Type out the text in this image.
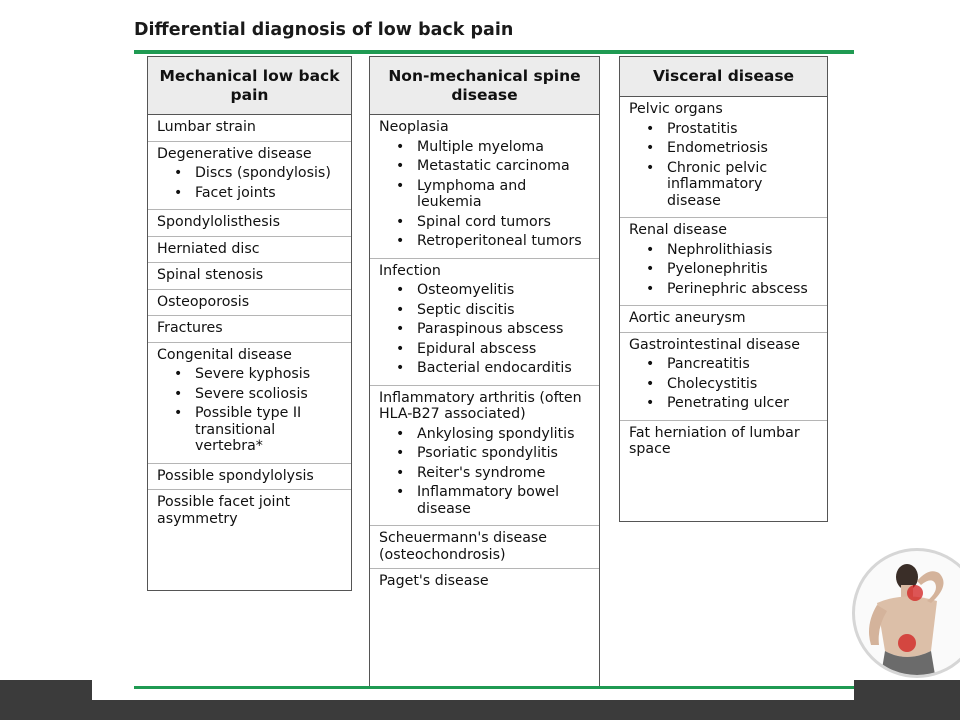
Differential diagnosis of low back pain
Mechanical low back pain
Lumbar strain
Degenerative disease
• Discs (spondylosis)
• Facet joints
Spondylolisthesis
Herniated disc
Spinal stenosis
Osteoporosis
Fractures
Congenital disease
• Severe kyphosis
• Severe scoliosis
• Possible type II transitional vertebra*
Possible spondylolysis
Possible facet joint asymmetry
Non-mechanical spine disease
Neoplasia
• Multiple myeloma
• Metastatic carcinoma
• Lymphoma and leukemia
• Spinal cord tumors
• Retroperitoneal tumors
Infection
• Osteomyelitis
• Septic discitis
• Paraspinous abscess
• Epidural abscess
• Bacterial endocarditis
Inflammatory arthritis (often HLA-B27 associated)
• Ankylosing spondylitis
• Psoriatic spondylitis
• Reiter's syndrome
• Inflammatory bowel disease
Scheuermann's disease (osteochondrosis)
Paget's disease
Visceral disease
Pelvic organs
• Prostatitis
• Endometriosis
• Chronic pelvic inflammatory disease
Renal disease
• Nephrolithiasis
• Pyelonephritis
• Perinephric abscess
Aortic aneurysm
Gastrointestinal disease
• Pancreatitis
• Cholecystitis
• Penetrating ulcer
Fat herniation of lumbar space
